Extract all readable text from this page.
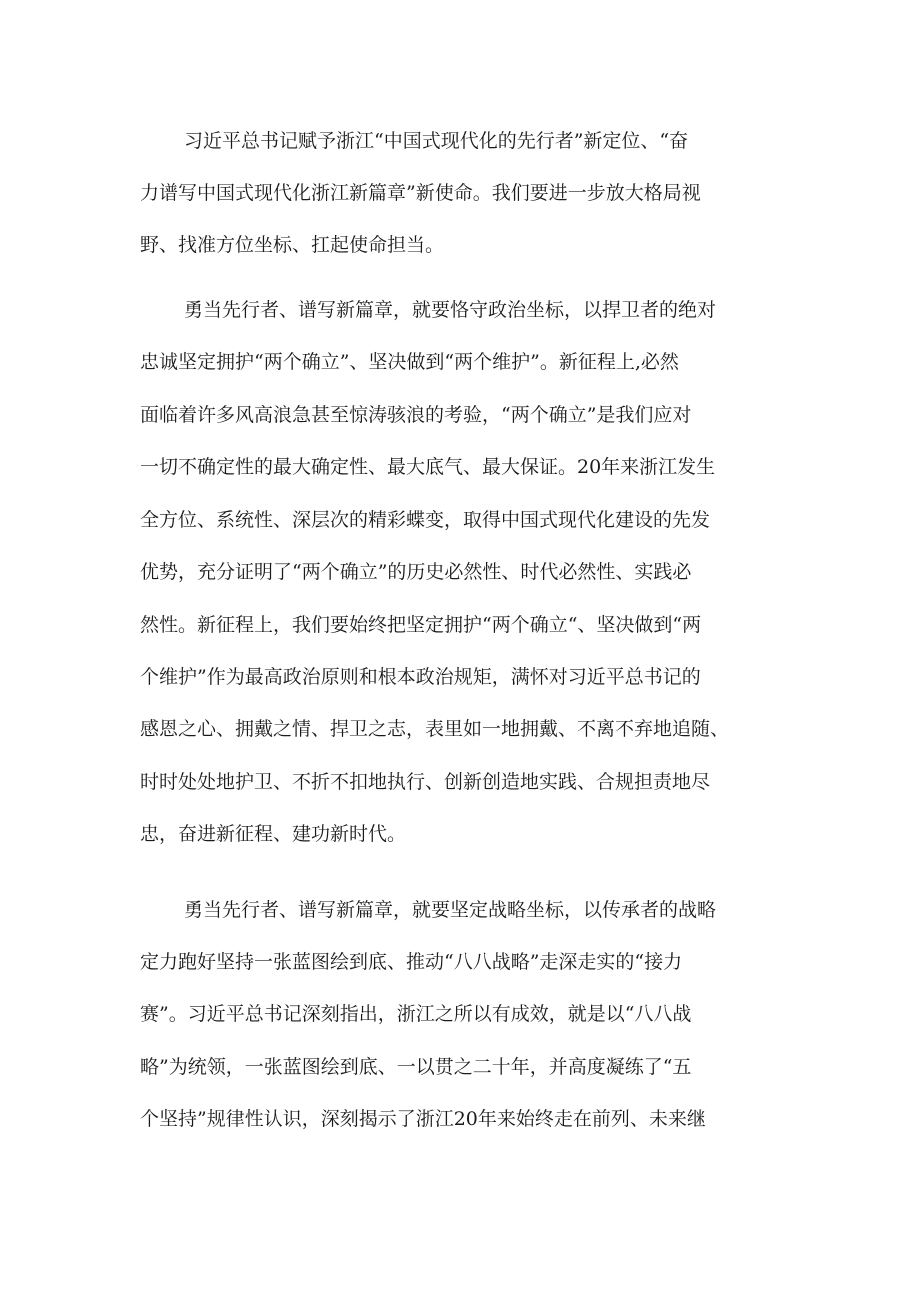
习近平总书记赋予浙江“中国式现代化的先行者”新定位、“奋
力谱写中国式现代化浙江新篇章”新使命。我们要进一步放大格局视
野、找准方位坐标、扛起使命担当。
勇当先行者、谱写新篇章，就要恪守政治坐标，以捍卫者的绝对
忠诚坚定拥护“两个确立”、坚决做到“两个维护”。新征程上,必然
面临着许多风高浪急甚至惊涛骇浪的考验，“两个确立”是我们应对
一切不确定性的最大确定性、最大底气、最大保证。20年来浙江发生
全方位、系统性、深层次的精彩蝶变，取得中国式现代化建设的先发
优势，充分证明了“两个确立”的历史必然性、时代必然性、实践必
然性。新征程上，我们要始终把坚定拥护“两个确立“、坚决做到“两
个维护”作为最高政治原则和根本政治规矩，满怀对习近平总书记的
感恩之心、拥戴之情、捍卫之志，表里如一地拥戴、不离不弃地追随、
时时处处地护卫、不折不扣地执行、创新创造地实践、合规担责地尽
忠，奋进新征程、建功新时代。
勇当先行者、谱写新篇章，就要坚定战略坐标，以传承者的战略
定力跑好坚持一张蓝图绘到底、推动“八八战略”走深走实的“接力
赛”。习近平总书记深刻指出，浙江之所以有成效，就是以“八八战
略”为统领，一张蓝图绘到底、一以贯之二十年，并高度凝练了“五
个坚持”规律性认识，深刻揭示了浙江20年来始终走在前列、未来继
